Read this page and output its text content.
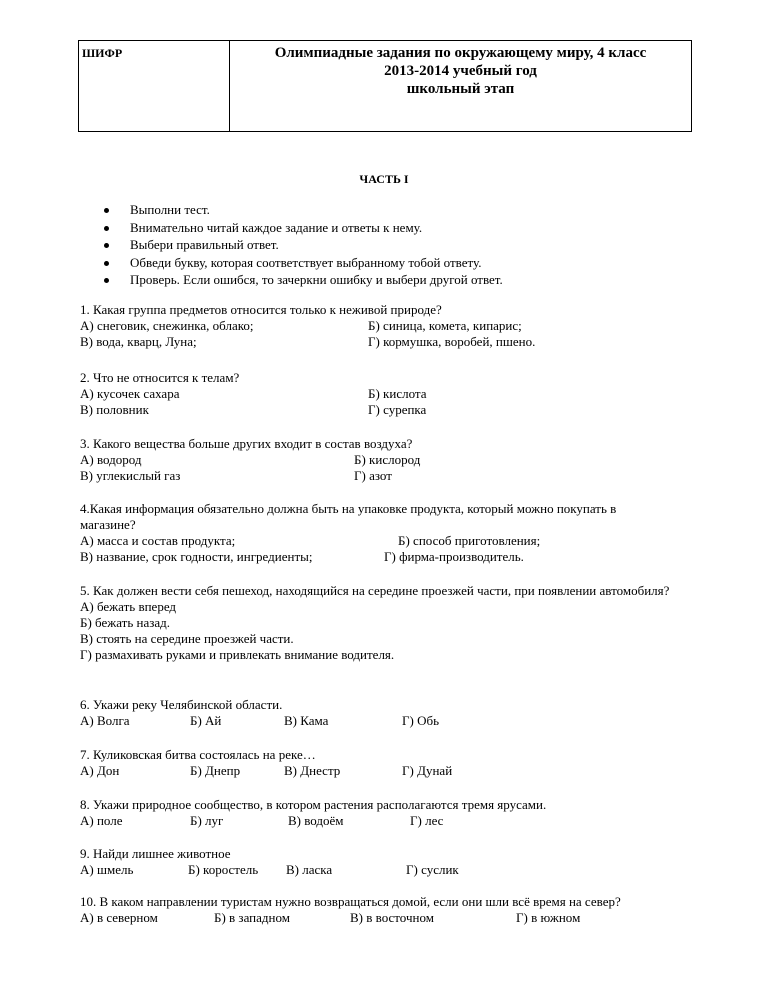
ШИФР	Олимпиадные задания по окружающему миру, 4 класс
2013-2014 учебный год
школьный этап
ЧАСТЬ I
Выполни тест.
Внимательно читай каждое задание и ответы к нему.
Выбери правильный ответ.
Обведи букву, которая соответствует выбранному тобой ответу.
Проверь. Если ошибся, то зачеркни ошибку и выбери другой ответ.
1. Какая группа предметов относится только к неживой природе?
А) снеговик, снежинка, облако;	Б) синица, комета, кипарис;
В) вода, кварц, Луна;	Г) кормушка, воробей, пшено.
2. Что не относится к телам?
А) кусочек сахара	Б) кислота
В) половник	Г) сурепка
3. Какого вещества больше других входит в состав воздуха?
А) водород	Б) кислород
В) углекислый газ	Г) азот
4.Какая информация обязательно должна быть на упаковке продукта, который можно покупать в магазине?
А) масса и состав продукта;	Б) способ приготовления;
В) название, срок годности, ингредиенты;	Г) фирма-производитель.
5. Как должен вести себя пешеход, находящийся на середине проезжей части, при появлении автомобиля?
А) бежать вперед
Б) бежать назад.
В) стоять на середине проезжей части.
Г) размахивать руками и привлекать внимание водителя.
6. Укажи реку Челябинской области.
А) Волга	Б) Ай	В) Кама	Г) Обь
7. Куликовская битва состоялась на реке…
А) Дон	Б) Днепр	В) Днестр	Г) Дунай
8. Укажи природное сообщество, в котором растения располагаются тремя ярусами.
А) поле	Б) луг	В) водоём	Г) лес
9. Найди лишнее животное
А) шмель	Б) коростель В) ласка	Г) суслик
10. В каком направлении туристам нужно возвращаться домой, если они шли всё время на север?
А) в северном	Б) в западном	В) в восточном	Г) в южном
